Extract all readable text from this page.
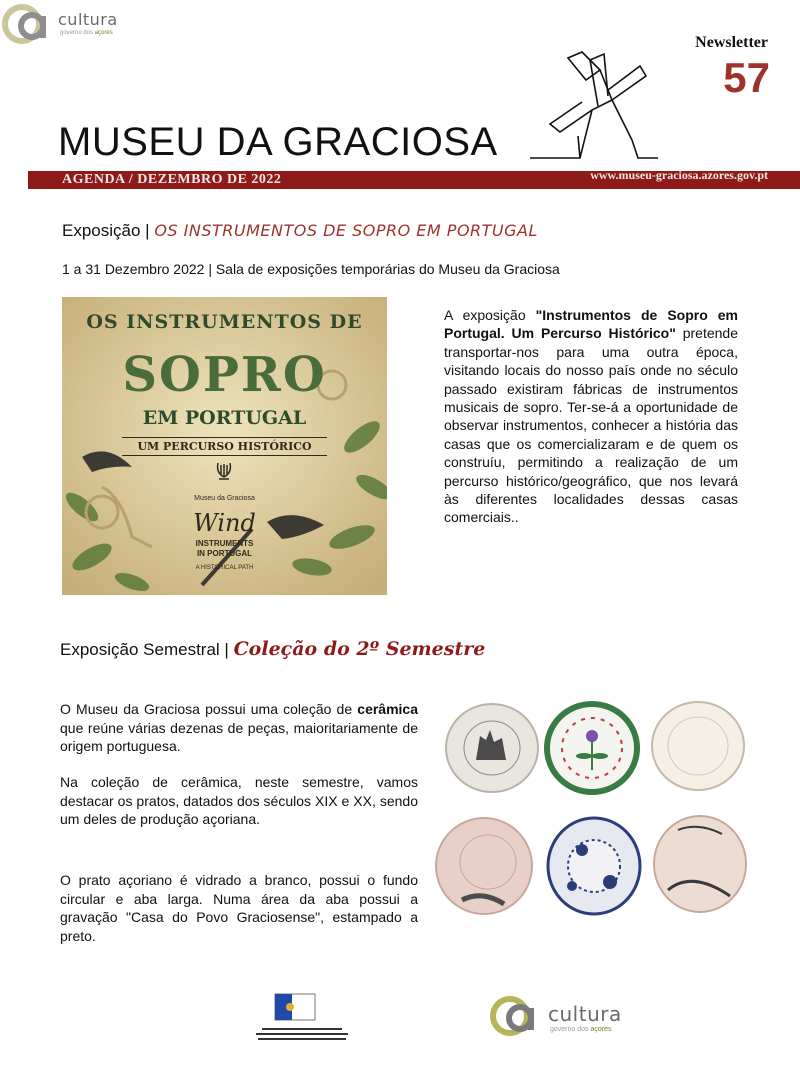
cultura
governo dos açores
Newsletter
57
MUSEU DA GRACIOSA
AGENDA / DEZEMBRO DE 2022	www.museu-graciosa.azores.gov.pt
Exposição | OS INSTRUMENTOS DE SOPRO EM PORTUGAL
1 a 31 Dezembro 2022 | Sala de exposições temporárias do Museu da Graciosa
OS INSTRUMENTOS DE
SOPRO
EM PORTUGAL
UM PERCURSO HISTÓRICO
Museu da Graciosa
Wind
INSTRUMENTS
IN PORTUGAL
A HISTORICAL PATH
A exposição "Instrumentos de Sopro em Portugal. Um Percurso Histórico" pretende transportar-nos para uma outra época, visitando locais do nosso país onde no século passado existiram fábricas de instrumentos musicais de sopro. Ter-se-á a oportunidade de observar instrumentos, conhecer a história das casas que os comercializaram e de quem os construíu, permitindo a realização de um percurso histórico/geográfico, que nos levará às diferentes localidades dessas casas comerciais..
Exposição Semestral | Coleção do 2º Semestre
O Museu da Graciosa possui uma coleção de cerâmica que reúne várias dezenas de peças, maioritariamente de origem portuguesa.
Na coleção de cerâmica, neste semestre, vamos destacar os pratos, datados dos séculos XIX e XX, sendo um deles de produção açoriana.
O prato açoriano é vidrado a branco, possui o fundo circular e aba larga. Numa área da aba possui a gravação "Casa do Povo Graciosense", estampado a preto.
cultura
governo dos açores
